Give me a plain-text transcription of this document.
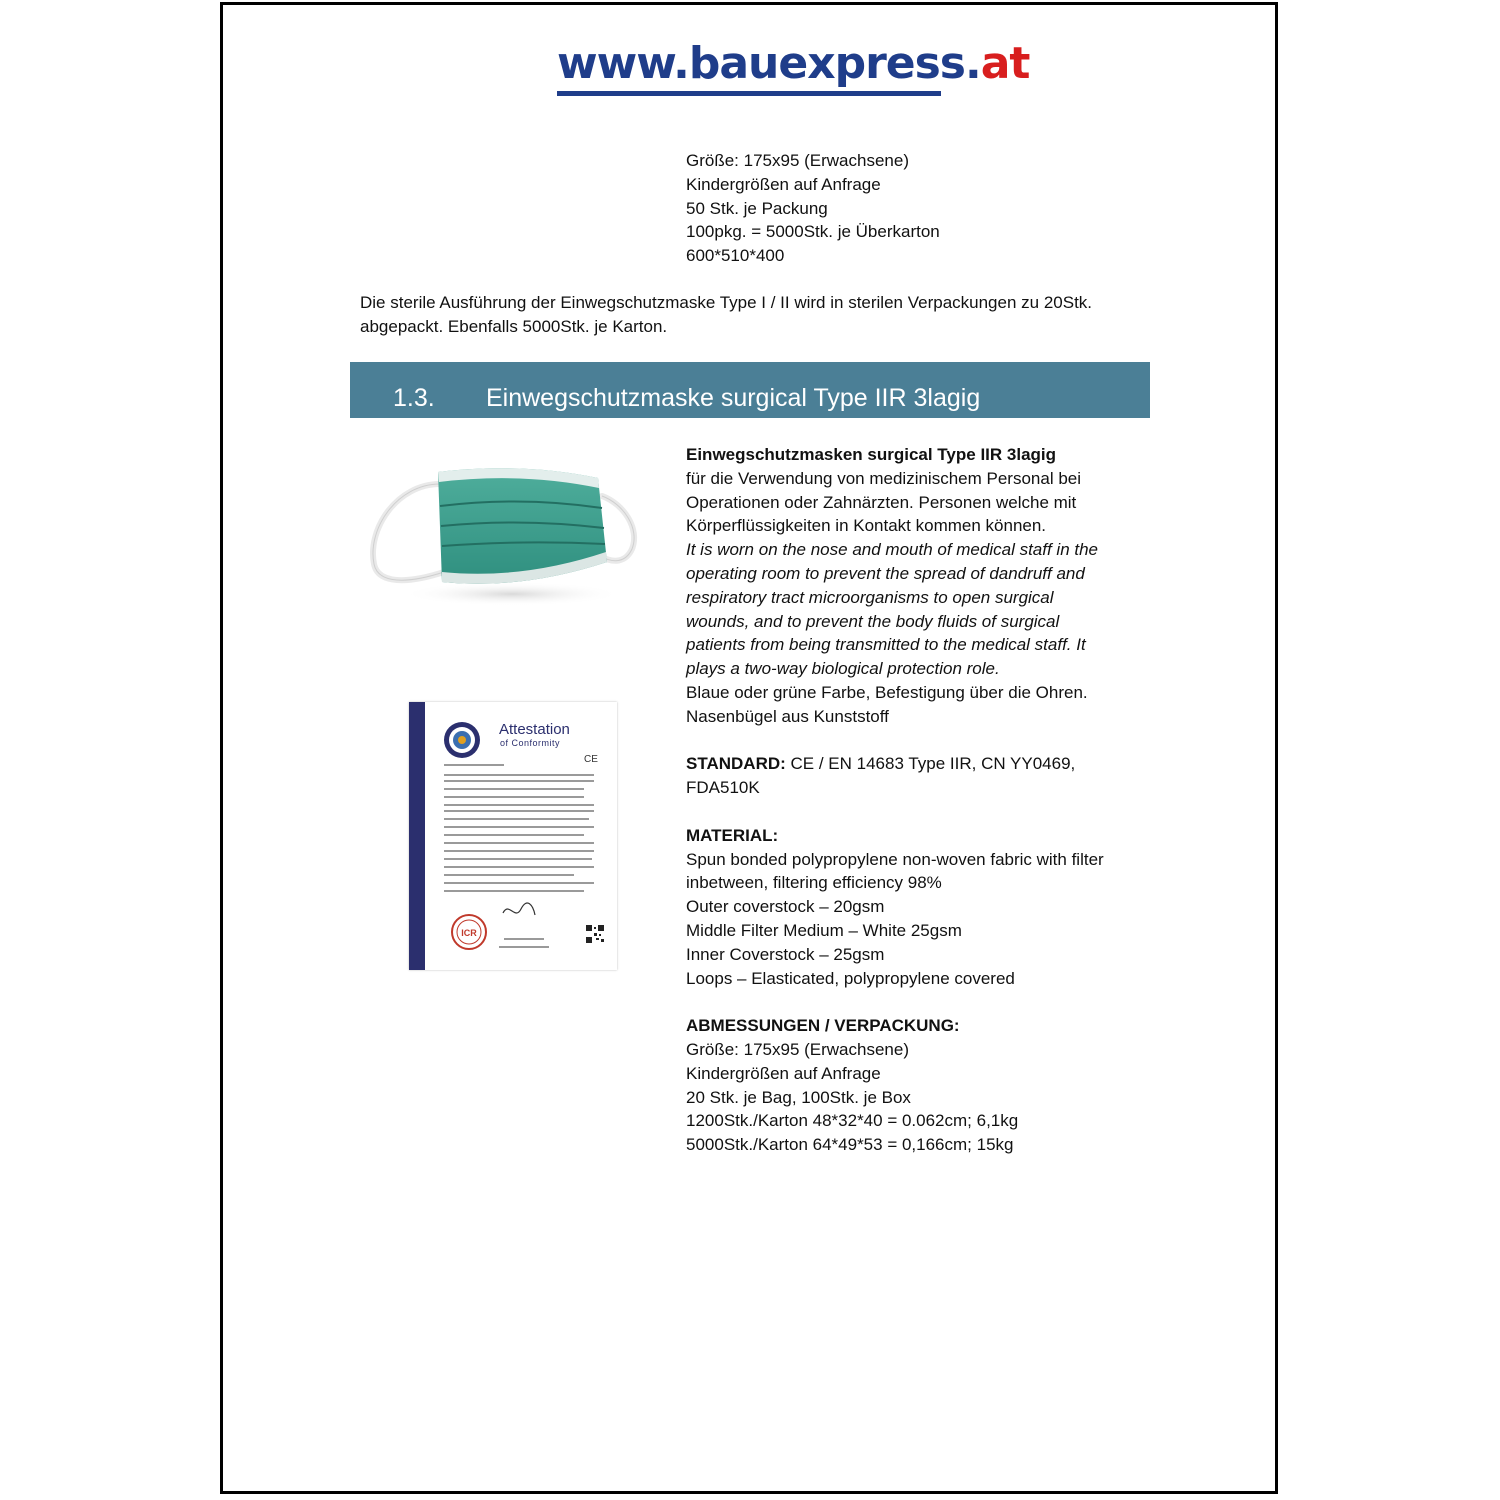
www.bauexpress.at
Größe: 175x95 (Erwachsene)
Kindergrößen auf Anfrage
50 Stk. je Packung
100pkg. = 5000Stk. je Überkarton
600*510*400
Die sterile Ausführung der Einwegschutzmaske Type I / II wird in sterilen Verpackungen zu 20Stk.
abgepackt. Ebenfalls 5000Stk. je Karton.
1.3. Einwegschutzmaske surgical Type IIR 3lagig
Attestation
of Conformity
CE
ICR
Einwegschutzmasken surgical Type IIR 3lagig
für die Verwendung von medizinischem Personal bei
Operationen oder Zahnärzten. Personen welche mit
Körperflüssigkeiten in Kontakt kommen können.
It is worn on the nose and mouth of medical staff in the
operating room to prevent the spread of dandruff and
respiratory tract microorganisms to open surgical
wounds, and to prevent the body fluids of surgical
patients from being transmitted to the medical staff. It
plays a two-way biological protection role.
Blaue oder grüne Farbe, Befestigung über die Ohren.
Nasenbügel aus Kunststoff
STANDARD: CE / EN 14683 Type IIR, CN YY0469,
FDA510K
MATERIAL:
Spun bonded polypropylene non-woven fabric with filter
inbetween, filtering efficiency 98%
Outer coverstock – 20gsm
Middle Filter Medium – White 25gsm
Inner Coverstock – 25gsm
Loops – Elasticated, polypropylene covered
ABMESSUNGEN / VERPACKUNG:
Größe: 175x95 (Erwachsene)
Kindergrößen auf Anfrage
20 Stk. je Bag, 100Stk. je Box
1200Stk./Karton 48*32*40 = 0.062cm; 6,1kg
5000Stk./Karton 64*49*53 = 0,166cm; 15kg
